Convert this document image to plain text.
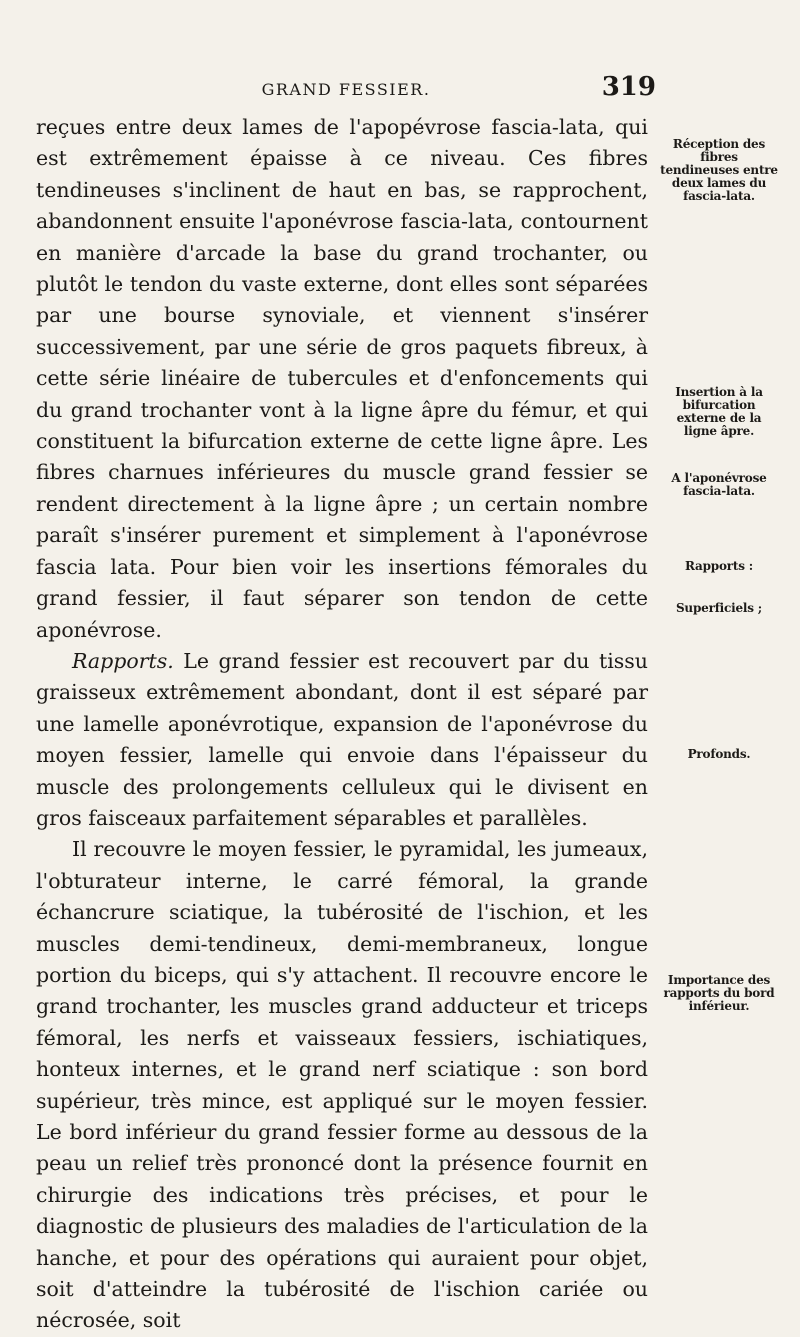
GRAND FESSIER.	319

reçues entre deux lames de l'apopévrose fascia-lata, qui est extrêmement épaisse à ce niveau. Ces fibres tendineuses s'inclinent de haut en bas, se rapprochent, abandonnent ensuite l'aponévrose fascia-lata, contournent en manière d'arcade la base du grand trochanter, ou plutôt le tendon du vaste externe, dont elles sont séparées par une bourse synoviale, et viennent s'insérer successivement, par une série de gros paquets fibreux, à cette série linéaire de tubercules et d'enfoncements qui du grand trochanter vont à la ligne âpre du fémur, et qui constituent la bifurcation externe de cette ligne âpre. Les fibres charnues inférieures du muscle grand fessier se rendent directement à la ligne âpre ; un certain nombre paraît s'insérer purement et simplement à l'aponévrose fascia lata. Pour bien voir les insertions fémorales du grand fessier, il faut séparer son tendon de cette aponévrose.

Rapports. Le grand fessier est recouvert par du tissu graisseux extrêmement abondant, dont il est séparé par une lamelle aponévrotique, expansion de l'aponévrose du moyen fessier, lamelle qui envoie dans l'épaisseur du muscle des prolongements celluleux qui le divisent en gros faisceaux parfaitement séparables et parallèles.

Il recouvre le moyen fessier, le pyramidal, les jumeaux, l'obturateur interne, le carré fémoral, la grande échancrure sciatique, la tubérosité de l'ischion, et les muscles demi-tendineux, demi-membraneux, longue portion du biceps, qui s'y attachent. Il recouvre encore le grand trochanter, les muscles grand adducteur et triceps fémoral, les nerfs et vaisseaux fessiers, ischiatiques, honteux internes, et le grand nerf sciatique : son bord supérieur, très mince, est appliqué sur le moyen fessier. Le bord inférieur du grand fessier forme au dessous de la peau un relief très prononcé dont la présence fournit en chirurgie des indications très précises, et pour le diagnostic de plusieurs des maladies de l'articulation de la hanche, et pour des opérations qui auraient pour objet, soit d'atteindre la tubérosité de l'ischion cariée ou nécrosée, soit

Réception des fibres tendineuses entre deux lames du fascia-lata.
Insertion à la bifurcation externe de la ligne âpre.
A l'aponévrose fascia-lata.
Rapports :
Superficiels ;
Profonds.
Importance des rapports du bord inférieur.
